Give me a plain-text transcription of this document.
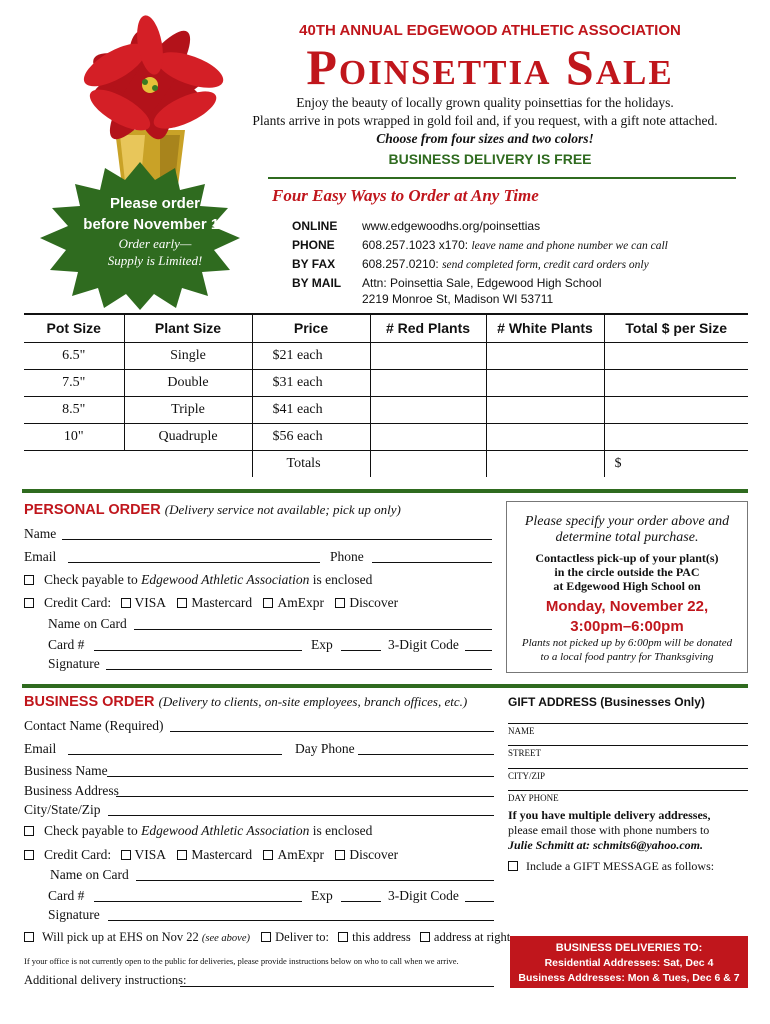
40TH ANNUAL EDGEWOOD ATHLETIC ASSOCIATION
Poinsettia Sale
Enjoy the beauty of locally grown quality poinsettias for the holidays.
Plants arrive in pots wrapped in gold foil and, if you request, with a gift note attached.
Choose from four sizes and two colors!
BUSINESS DELIVERY IS FREE
Please order
before November 11
Order early—
Supply is Limited!
Four Easy Ways to Order at Any Time
ONLINE www.edgewoodhs.org/poinsettias
PHONE 608.257.1023 x170: leave name and phone number we can call
BY FAX 608.257.0210: send completed form, credit card orders only
BY MAIL Attn: Poinsettia Sale, Edgewood High School
2219 Monroe St, Madison WI 53711
Pot Size	Plant Size	Price	# Red Plants	# White Plants	Total $ per Size
6.5"	Single	$21 each			
7.5"	Double	$31 each			
8.5"	Triple	$41 each			
10"	Quadruple	$56 each			
		Totals			$
PERSONAL ORDER (Delivery service not available; pick up only)
Name
Email	Phone
Check payable to Edgewood Athletic Association is enclosed
Credit Card: VISA Mastercard AmExpr Discover
Name on Card
Card #	Exp	3-Digit Code
Signature
Please specify your order above and
determine total purchase.
Contactless pick-up of your plant(s)
in the circle outside the PAC
at Edgewood High School on
Monday, November 22,
3:00pm–6:00pm
Plants not picked up by 6:00pm will be donated
to a local food pantry for Thanksgiving
BUSINESS ORDER (Delivery to clients, on-site employees, branch offices, etc.)
Contact Name (Required)
Email	Day Phone
Business Name
Business Address
City/State/Zip
Check payable to Edgewood Athletic Association is enclosed
Credit Card: VISA Mastercard AmExpr Discover
Name on Card
Card #	Exp	3-Digit Code
Signature
Will pick up at EHS on Nov 22 (see above) Deliver to: this address address at right
If your office is not currently open to the public for deliveries, please provide instructions below on who to call when we arrive.
Additional delivery instructions:
GIFT ADDRESS (Businesses Only)
NAME
STREET
CITY/ZIP
DAY PHONE
If you have multiple delivery addresses,
please email those with phone numbers to
Julie Schmitt at: schmits6@yahoo.com.
Include a GIFT MESSAGE as follows:
BUSINESS DELIVERIES TO:
Residential Addresses: Sat, Dec 4
Business Addresses: Mon & Tues, Dec 6 & 7
